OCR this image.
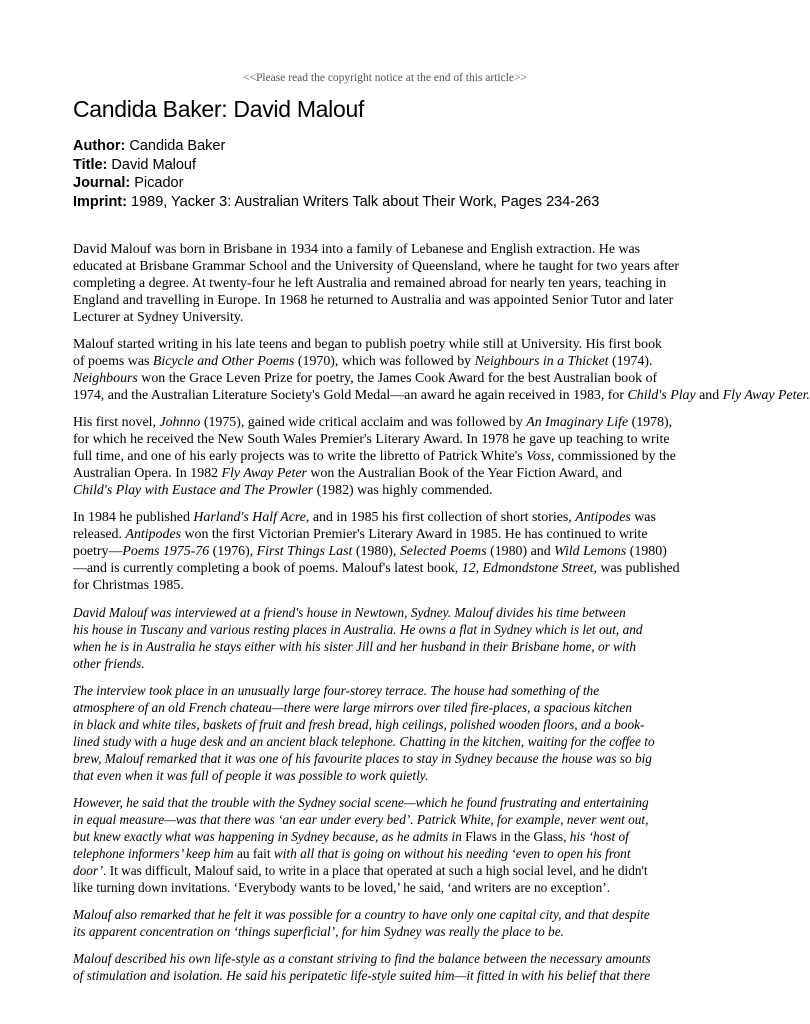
<<Please read the copyright notice at the end of this article>>
Candida Baker: David Malouf
Author: Candida Baker
Title: David Malouf
Journal: Picador
Imprint: 1989, Yacker 3: Australian Writers Talk about Their Work, Pages 234-263

David Malouf was born in Brisbane in 1934 into a family of Lebanese and English extraction. He was
educated at Brisbane Grammar School and the University of Queensland, where he taught for two years after
completing a degree. At twenty-four he left Australia and remained abroad for nearly ten years, teaching in
England and travelling in Europe. In 1968 he returned to Australia and was appointed Senior Tutor and later
Lecturer at Sydney University.

Malouf started writing in his late teens and began to publish poetry while still at University. His first book
of poems was Bicycle and Other Poems (1970), which was followed by Neighbours in a Thicket (1974).
Neighbours won the Grace Leven Prize for poetry, the James Cook Award for the best Australian book of
1974, and the Australian Literature Society's Gold Medal—an award he again received in 1983, for Child's Play and Fly Away Peter.

His first novel, Johnno (1975), gained wide critical acclaim and was followed by An Imaginary Life (1978),
for which he received the New South Wales Premier's Literary Award. In 1978 he gave up teaching to write
full time, and one of his early projects was to write the libretto of Patrick White's Voss, commissioned by the
Australian Opera. In 1982 Fly Away Peter won the Australian Book of the Year Fiction Award, and
Child's Play with Eustace and The Prowler (1982) was highly commended.

In 1984 he published Harland's Half Acre, and in 1985 his first collection of short stories, Antipodes was
released. Antipodes won the first Victorian Premier's Literary Award in 1985. He has continued to write
poetry—Poems 1975-76 (1976), First Things Last (1980), Selected Poems (1980) and Wild Lemons (1980)
—and is currently completing a book of poems. Malouf's latest book, 12, Edmondstone Street, was published
for Christmas 1985.

David Malouf was interviewed at a friend's house in Newtown, Sydney. Malouf divides his time between
his house in Tuscany and various resting places in Australia. He owns a flat in Sydney which is let out, and
when he is in Australia he stays either with his sister Jill and her husband in their Brisbane home, or with
other friends.

The interview took place in an unusually large four-storey terrace. The house had something of the
atmosphere of an old French chateau—there were large mirrors over tiled fire-places, a spacious kitchen
in black and white tiles, baskets of fruit and fresh bread, high ceilings, polished wooden floors, and a book-
lined study with a huge desk and an ancient black telephone. Chatting in the kitchen, waiting for the coffee to
brew, Malouf remarked that it was one of his favourite places to stay in Sydney because the house was so big
that even when it was full of people it was possible to work quietly.

However, he said that the trouble with the Sydney social scene—which he found frustrating and entertaining
in equal measure—was that there was ‘an ear under every bed’. Patrick White, for example, never went out,
but knew exactly what was happening in Sydney because, as he admits in Flaws in the Glass, his ‘host of
telephone informers’ keep him au fait with all that is going on without his needing ‘even to open his front
door’. It was difficult, Malouf said, to write in a place that operated at such a high social level, and he didn't
like turning down invitations. ‘Everybody wants to be loved,’ he said, ‘and writers are no exception’.

Malouf also remarked that he felt it was possible for a country to have only one capital city, and that despite
its apparent concentration on ‘things superficial’, for him Sydney was really the place to be.

Malouf described his own life-style as a constant striving to find the balance between the necessary amounts
of stimulation and isolation. He said his peripatetic life-style suited him—it fitted in with his belief that there
